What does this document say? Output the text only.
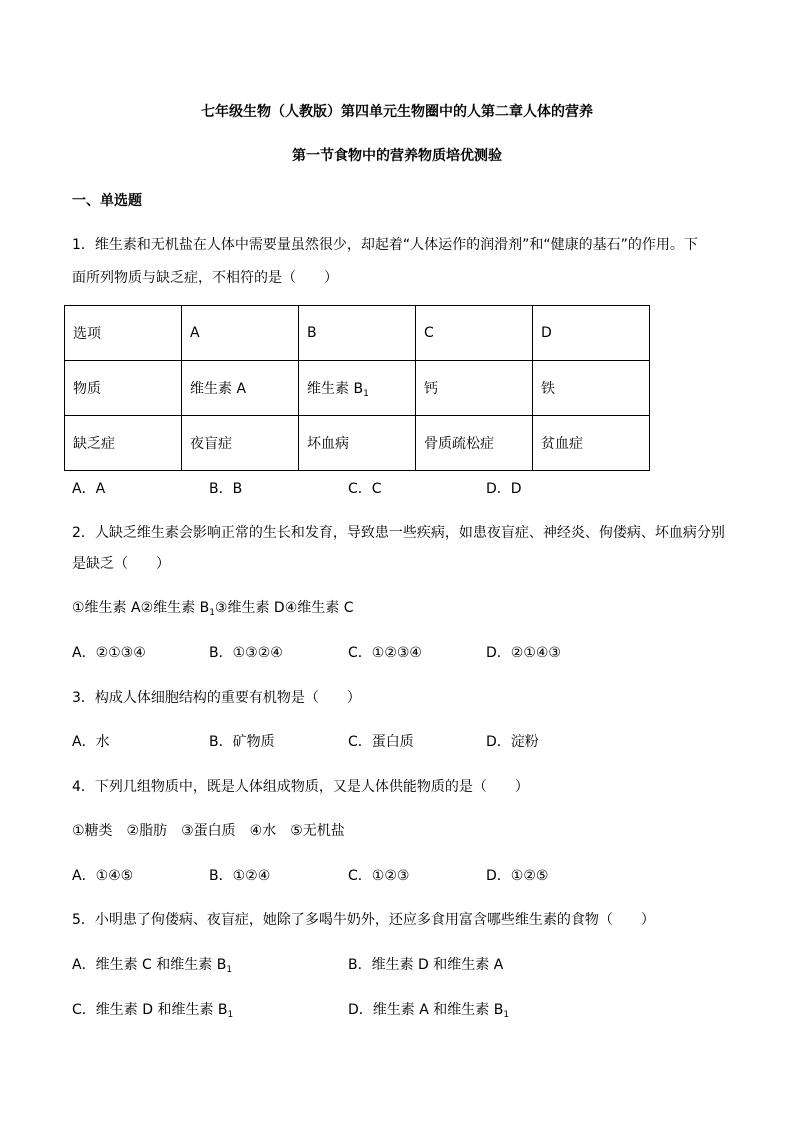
七年级生物（人教版）第四单元生物圈中的人第二章人体的营养
第一节食物中的营养物质培优测验
一、单选题
1．维生素和无机盐在人体中需要量虽然很少，却起着“人体运作的润滑剂”和“健康的基石”的作用。下
面所列物质与缺乏症，不相符的是（　　）
选项	A	B	C	D
物质	维生素 A	维生素 $B_1$	钙	铁
缺乏症	夜盲症	坏血病	骨质疏松症	贫血症
A．A	B．B	C．C	D．D
2．人缺乏维生素会影响正常的生长和发育，导致患一些疾病，如患夜盲症、神经炎、佝偻病、坏血病分别
是缺乏（　　）
①维生素 A②维生素 $B_1③$维生素 D④维生素 C
A．②①③④	B．①③②④	C．①②③④	D．②①④③
3．构成人体细胞结构的重要有机物是（　　）
A．水	B．矿物质	C．蛋白质	D．淀粉
4．下列几组物质中，既是人体组成物质，又是人体供能物质的是（　　）
①糖类　②脂肪　③蛋白质　④水　⑤无机盐
A．①④⑤	B．①②④	C．①②③	D．①②⑤
5．小明患了佝偻病、夜盲症，她除了多喝牛奶外，还应多食用富含哪些维生素的食物（　　）
A．维生素 C 和维生素 $B_1$	B．维生素 D 和维生素 A
C．维生素 D 和维生素 $B_1$	D．维生素 A 和维生素 $B_1$
